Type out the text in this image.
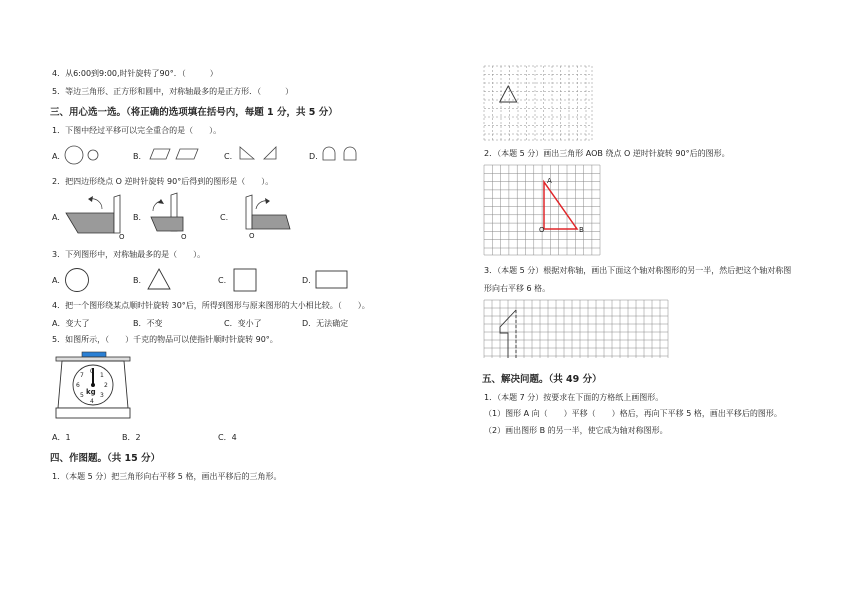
4．从6:00到9:00,时针旋转了90°．（　　　）
5．等边三角形、正方形和圆中，对称轴最多的是正方形．（　　　）
三、用心选一选。（将正确的选项填在括号内，每题 1 分，共 5 分）
1．下图中经过平移可以完全重合的是（　　）。
A.	B.	C.	D.
2．把四边形绕点 O 逆时针旋转 90°后得到的图形是（　　）。
A.	B.	C.
O	O	O
3．下列图形中，对称轴最多的是（　　）。
A.	B.	C.	D.
4．把一个图形绕某点顺时针旋转 30°后，所得到图形与原来图形的大小相比较。（　　）。
A．变大了	B．不变	C．变小了	D．无法确定
5．如图所示，（　　）千克的物品可以使指针顺时针旋转 90°。
kg
0
1
2
3
4
5
6
7
A．1	B．2	C．4
四、作图题。（共 15 分）
1．（本题 5 分）把三角形向右平移 5 格，画出平移后的三角形。
2．（本题 5 分）画出三角形 AOB 绕点 O 逆时针旋转 90°后的图形。
A
O	B
3．（本题 5 分）根据对称轴，画出下面这个轴对称图形的另一半，然后把这个轴对称图
形向右平移 6 格。
五、解决问题。（共 49 分）
1．（本题 7 分）按要求在下面的方格纸上画图形。
（1）图形 A 向（　　）平移（　　）格后，再向下平移 5 格，画出平移后的图形。
（2）画出图形 B 的另一半，使它成为轴对称图形。
